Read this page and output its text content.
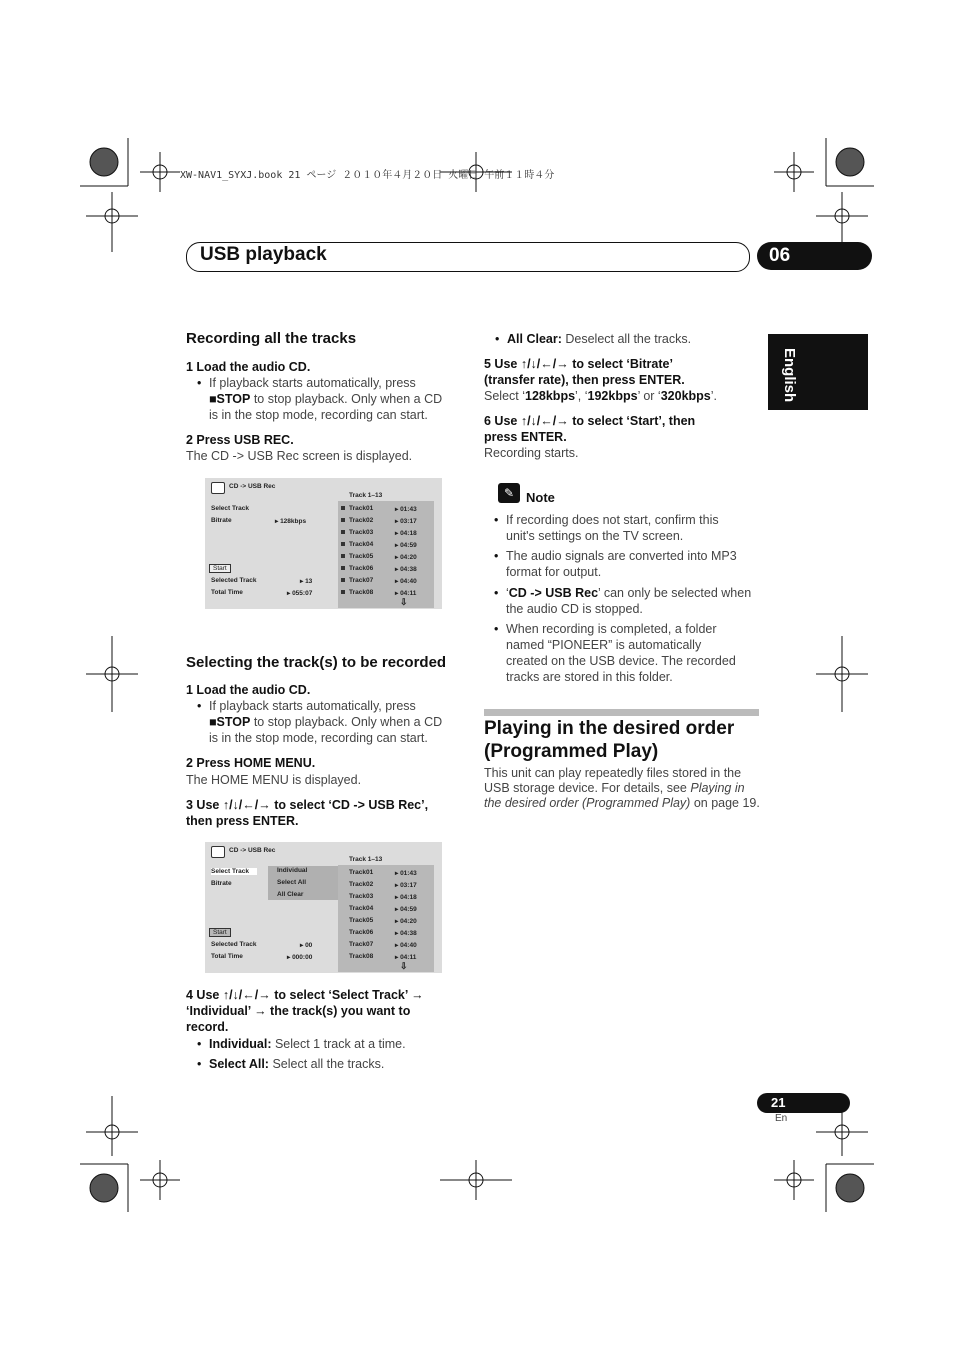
XW-NAV1_SYXJ.book 21 ページ ２０１０年４月２０日 火曜日 午前１１時４分
USB playback	06
English
Recording all the tracks
1 Load the audio CD.
• If playback starts automatically, press
■STOP to stop playback. Only when a CD
is in the stop mode, recording can start.
2 Press USB REC.
The CD -> USB Rec screen is displayed.
CD -> USB Rec
Track 1–13
Select Track
Bitrate	▸ 128kbps
Start
Selected Track	▸ 13
Total Time	▸ 055:07
Track01	▸ 01:43
Track02	▸ 03:17
Track03	▸ 04:18
Track04	▸ 04:59
Track05	▸ 04:20
Track06	▸ 04:38
Track07	▸ 04:40
Track08	▸ 04:11
⇩
Selecting the track(s) to be recorded
1 Load the audio CD.
• If playback starts automatically, press
■STOP to stop playback. Only when a CD
is in the stop mode, recording can start.
2 Press HOME MENU.
The HOME MENU is displayed.
3 Use ↑/↓/←/→ to select ‘CD -> USB Rec’,
then press ENTER.
CD -> USB Rec
Track 1–13
Select Track
Bitrate
Individual
Select All
All Clear
Start
Selected Track	▸ 00
Total Time	▸ 000:00
Track01	▸ 01:43
Track02	▸ 03:17
Track03	▸ 04:18
Track04	▸ 04:59
Track05	▸ 04:20
Track06	▸ 04:38
Track07	▸ 04:40
Track08	▸ 04:11
⇩
4 Use ↑/↓/←/→ to select ‘Select Track’ →
‘Individual’ → the track(s) you want to
record.
• Individual: Select 1 track at a time.
• Select All: Select all the tracks.
• All Clear: Deselect all the tracks.
5 Use ↑/↓/←/→ to select ‘Bitrate’
(transfer rate), then press ENTER.
Select ‘128kbps’, ‘192kbps’ or ‘320kbps’.
6 Use ↑/↓/←/→ to select ‘Start’, then
press ENTER.
Recording starts.
✎ Note
• If recording does not start, confirm this
unit's settings on the TV screen.
• The audio signals are converted into MP3
format for output.
• ‘CD -> USB Rec’ can only be selected when
the audio CD is stopped.
• When recording is completed, a folder
named “PIONEER” is automatically
created on the USB device. The recorded
tracks are stored in this folder.
Playing in the desired order
(Programmed Play)
This unit can play repeatedly files stored in the
USB storage device. For details, see Playing in
the desired order (Programmed Play) on page 19.
21
En
